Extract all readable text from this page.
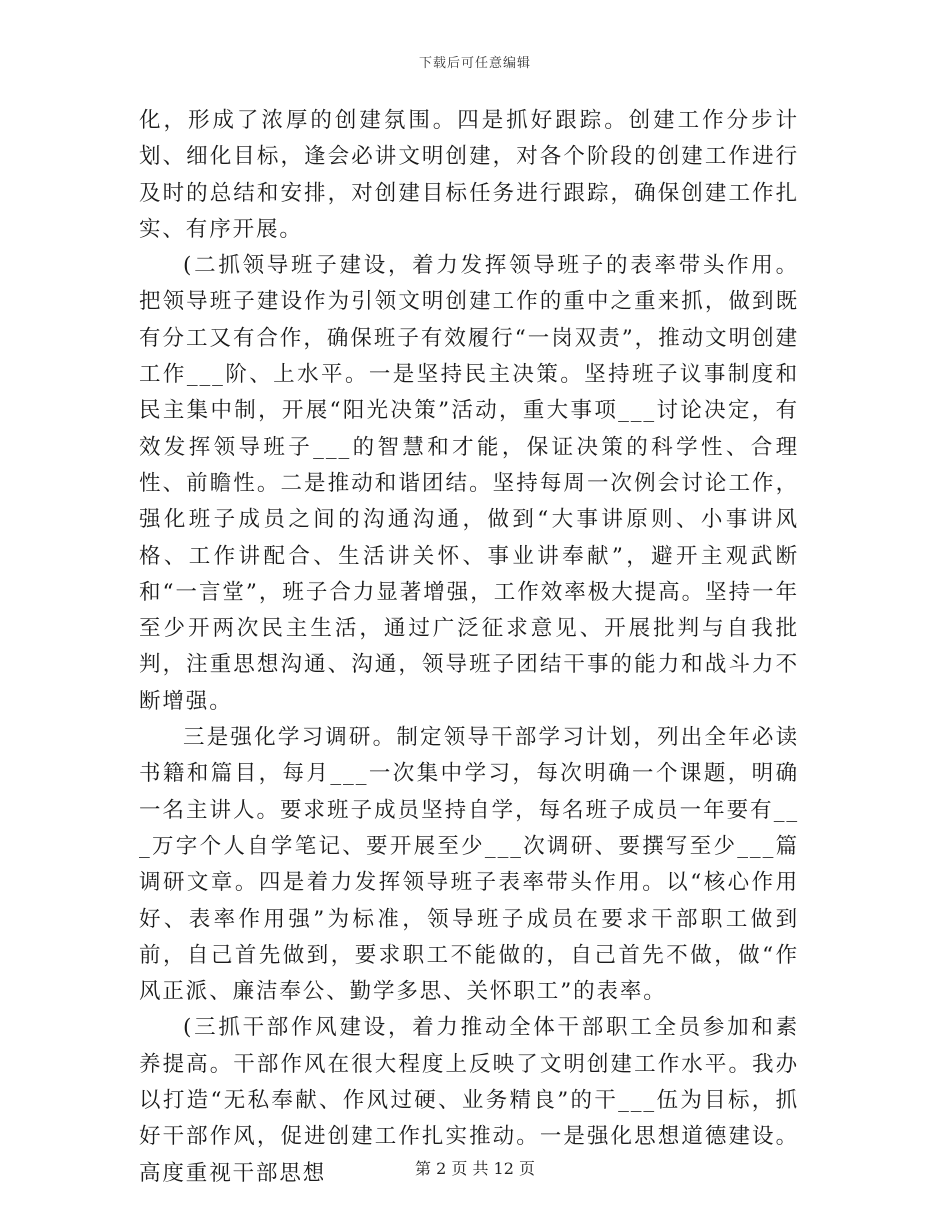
下载后可任意编辑

化，形成了浓厚的创建氛围。四是抓好跟踪。创建工作分步计划、细化目标，逢会必讲文明创建，对各个阶段的创建工作进行及时的总结和安排，对创建目标任务进行跟踪，确保创建工作扎实、有序开展。

(二抓领导班子建设，着力发挥领导班子的表率带头作用。把领导班子建设作为引领文明创建工作的重中之重来抓，做到既有分工又有合作，确保班子有效履行“一岗双责”，推动文明创建工作___阶、上水平。一是坚持民主决策。坚持班子议事制度和民主集中制，开展“阳光决策”活动，重大事项___讨论决定，有效发挥领导班子___的智慧和才能，保证决策的科学性、合理性、前瞻性。二是推动和谐团结。坚持每周一次例会讨论工作，强化班子成员之间的沟通沟通，做到“大事讲原则、小事讲风格、工作讲配合、生活讲关怀、事业讲奉献”，避开主观武断和“一言堂”，班子合力显著增强，工作效率极大提高。坚持一年至少开两次民主生活，通过广泛征求意见、开展批判与自我批判，注重思想沟通、沟通，领导班子团结干事的能力和战斗力不断增强。

三是强化学习调研。制定领导干部学习计划，列出全年必读书籍和篇目，每月___一次集中学习，每次明确一个课题，明确一名主讲人。要求班子成员坚持自学，每名班子成员一年要有___万字个人自学笔记、要开展至少___次调研、要撰写至少___篇调研文章。四是着力发挥领导班子表率带头作用。以“核心作用好、表率作用强”为标准，领导班子成员在要求干部职工做到前，自己首先做到，要求职工不能做的，自己首先不做，做“作风正派、廉洁奉公、勤学多思、关怀职工”的表率。

(三抓干部作风建设，着力推动全体干部职工全员参加和素养提高。干部作风在很大程度上反映了文明创建工作水平。我办以打造“无私奉献、作风过硬、业务精良”的干___伍为目标，抓好干部作风，促进创建工作扎实推动。一是强化思想道德建设。高度重视干部思想	第 2 页 共 12 页
